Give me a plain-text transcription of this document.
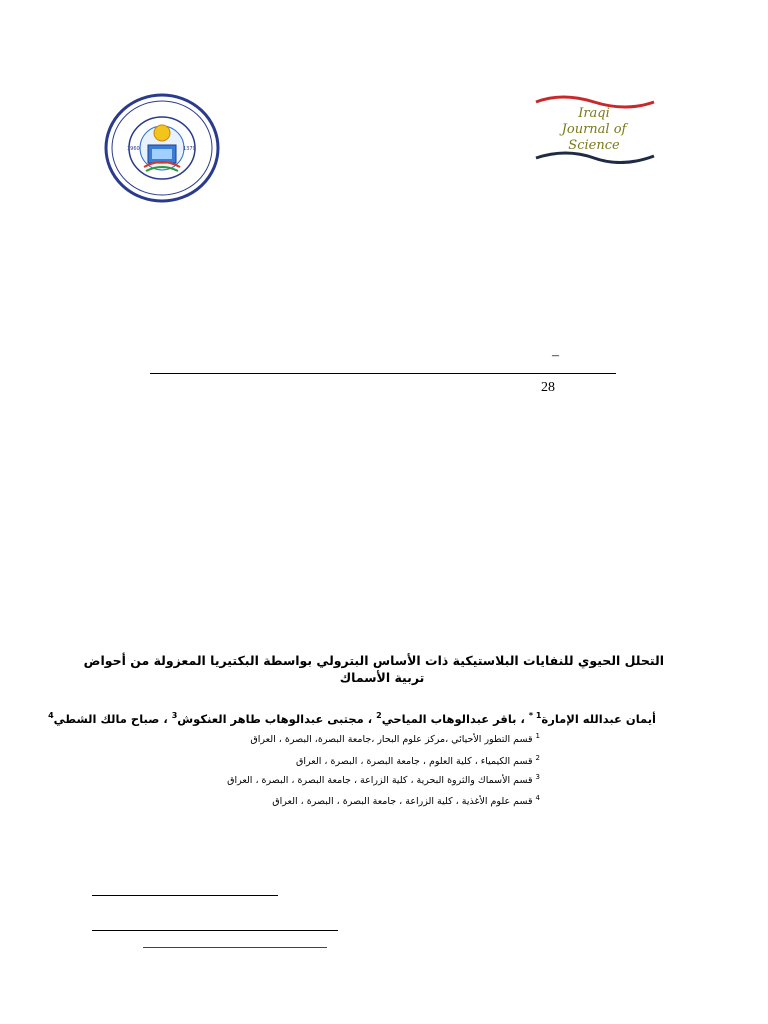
1960	1379
Iraqi
Journal of
Science
–
28
التحلل الحيوي للنفايات البلاستيكية ذات الأساس البترولي بواسطة البكتيريا المعزولة من أحواض
تربية الأسماك
أيمان عبدالله الإمارة$^{1 *}$ ، باقر عبدالوهاب المياحي$^2$ ، مجتبى عبدالوهاب طاهر العنكوش$^3$ ، صباح مالك الشطي$^4$
$^1$ قسم التطور الأحيائي ،مركز علوم البحار ،جامعة البصرة، البصرة ، العراق
$^2$ قسم الكيمياء ، كلية العلوم ، جامعة البصرة ، البصرة ، العراق
$^3$ قسم الأسماك والثروة البحرية ، كلية الزراعة ، جامعة البصرة ، البصرة ، العراق
$^4$ قسم علوم الأغذية ، كلية الزراعة ، جامعة البصرة ، البصرة ، العراق
